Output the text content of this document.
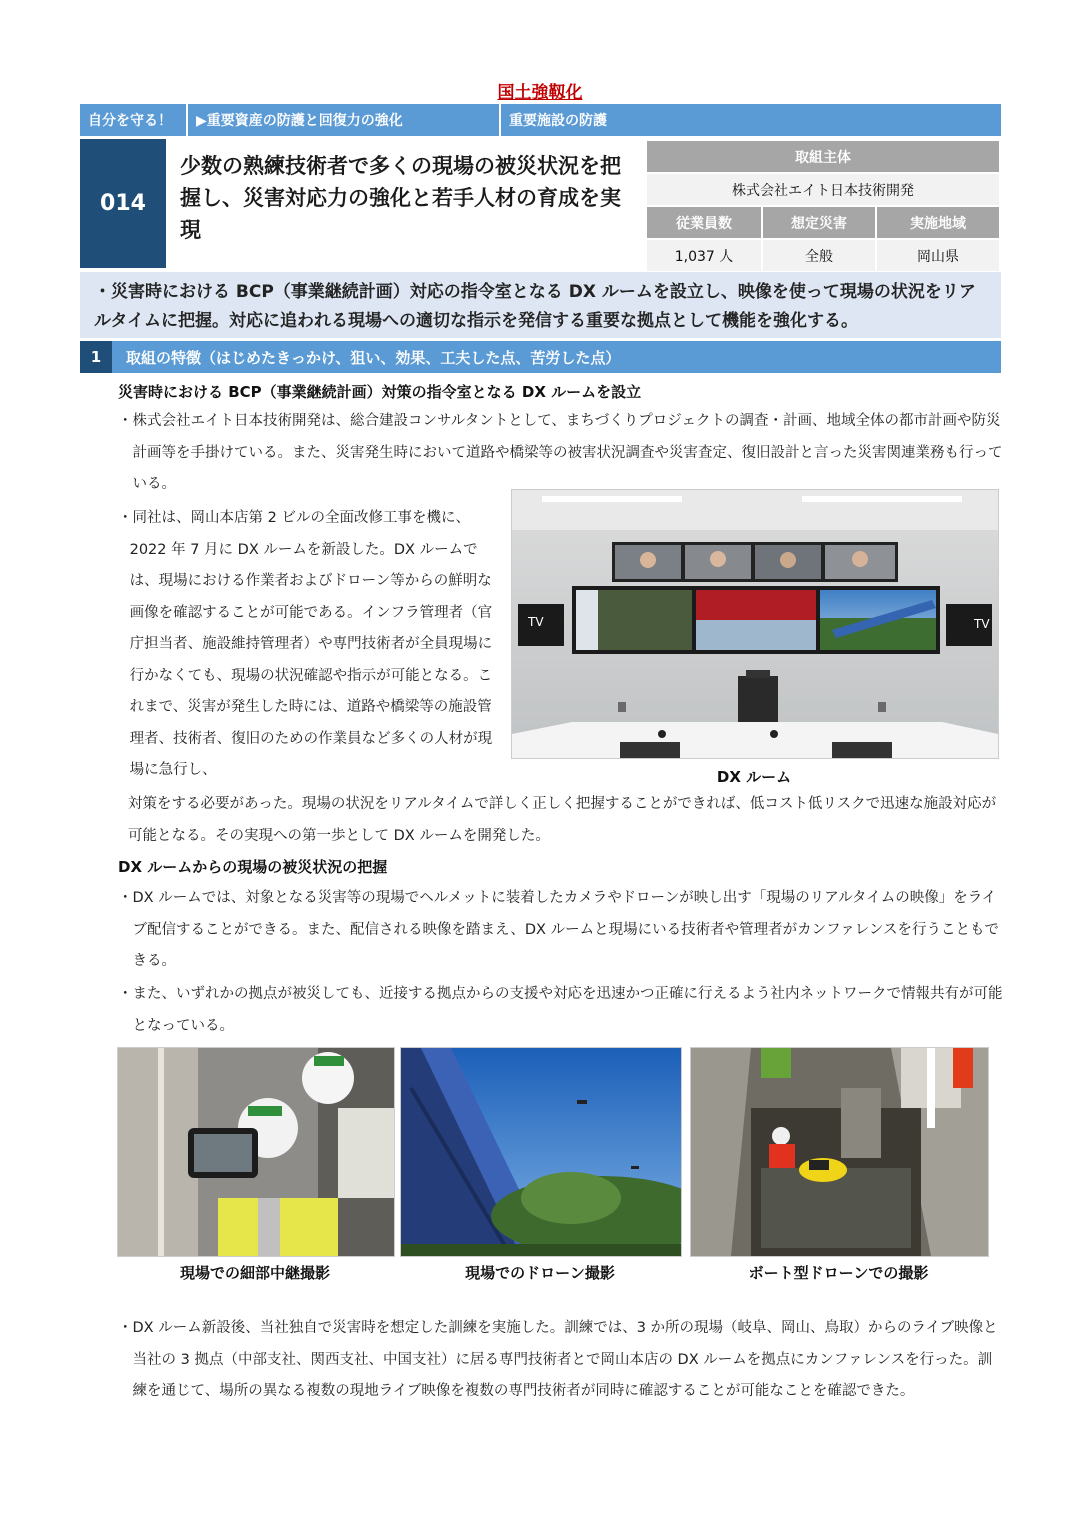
国土強靱化
自分を守る！	▶重要資産の防護と回復力の強化	重要施設の防護
014
少数の熟練技術者で多くの現場の被災状況を把握し、災害対応力の強化と若手人材の育成を実現
取組主体		
株式会社エイト日本技術開発		
従業員数	想定災害	実施地域
1,037 人	全般	岡山県
・災害時における BCP（事業継続計画）対応の指令室となる DX ルームを設立し、映像を使って現場の状況をリアルタイムに把握。対応に追われる現場への適切な指示を発信する重要な拠点として機能を強化する。
1	取組の特徴（はじめたきっかけ、狙い、効果、工夫した点、苦労した点）
災害時における BCP（事業継続計画）対策の指令室となる DX ルームを設立
・株式会社エイト日本技術開発は、総合建設コンサルタントとして、まちづくりプロジェクトの調査・計画、地域全体の都市計画や防災計画等を手掛けている。また、災害発生時において道路や橋梁等の被害状況調査や災害査定、復旧設計と言った災害関連業務も行っている。
・同社は、岡山本店第 2 ビルの全面改修工事を機に、2022 年 7 月に DX ルームを新設した。DX ルームでは、現場における作業者およびドローン等からの鮮明な画像を確認することが可能である。インフラ管理者（官庁担当者、施設維持管理者）や専門技術者が全員現場に行かなくても、現場の状況確認や指示が可能となる。これまで、災害が発生した時には、道路や橋梁等の施設管理者、技術者、復旧のための作業員など多くの人材が現場に急行し、
TV	TV
DX ルーム
対策をする必要があった。現場の状況をリアルタイムで詳しく正しく把握することができれば、低コスト低リスクで迅速な施設対応が可能となる。その実現への第一歩として DX ルームを開発した。
DX ルームからの現場の被災状況の把握
・DX ルームでは、対象となる災害等の現場でヘルメットに装着したカメラやドローンが映し出す「現場のリアルタイムの映像」をライブ配信することができる。また、配信される映像を踏まえ、DX ルームと現場にいる技術者や管理者がカンファレンスを行うこともできる。
・また、いずれかの拠点が被災しても、近接する拠点からの支援や対応を迅速かつ正確に行えるよう社内ネットワークで情報共有が可能となっている。
現場での細部中継撮影	現場でのドローン撮影	ボート型ドローンでの撮影
・DX ルーム新設後、当社独自で災害時を想定した訓練を実施した。訓練では、3 か所の現場（岐阜、岡山、鳥取）からのライブ映像と当社の 3 拠点（中部支社、関西支社、中国支社）に居る専門技術者とで岡山本店の DX ルームを拠点にカンファレンスを行った。訓練を通じて、場所の異なる複数の現地ライブ映像を複数の専門技術者が同時に確認することが可能なことを確認できた。
